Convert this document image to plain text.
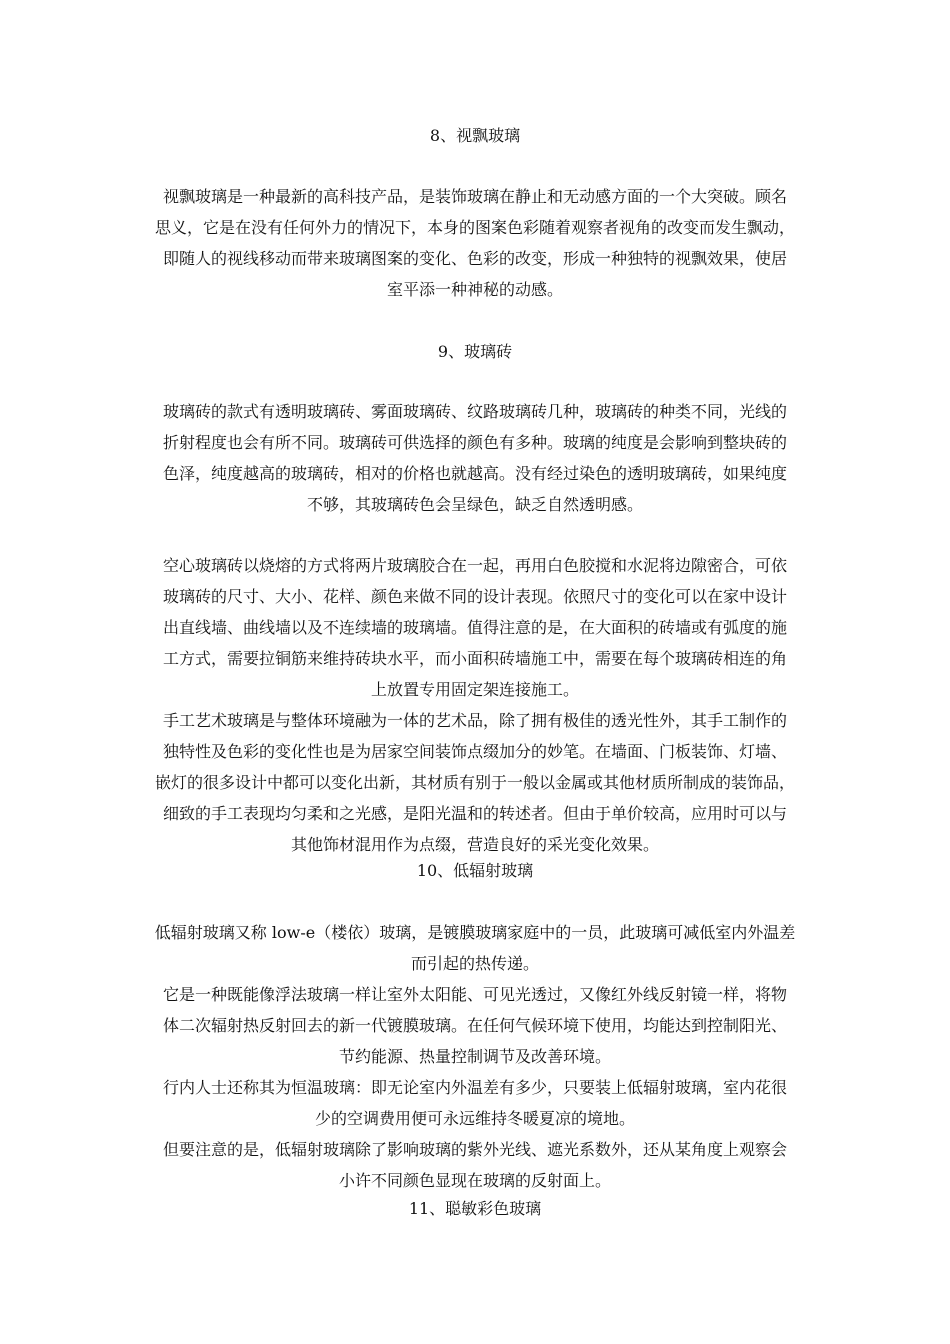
8、视飘玻璃
视飘玻璃是一种最新的高科技产品，是装饰玻璃在静止和无动感方面的一个大突破。顾名
思义，它是在没有任何外力的情况下，本身的图案色彩随着观察者视角的改变而发生飘动，
即随人的视线移动而带来玻璃图案的变化、色彩的改变，形成一种独特的视飘效果，使居
室平添一种神秘的动感。
9、玻璃砖
玻璃砖的款式有透明玻璃砖、雾面玻璃砖、纹路玻璃砖几种，玻璃砖的种类不同，光线的
折射程度也会有所不同。玻璃砖可供选择的颜色有多种。玻璃的纯度是会影响到整块砖的
色泽，纯度越高的玻璃砖，相对的价格也就越高。没有经过染色的透明玻璃砖，如果纯度
不够，其玻璃砖色会呈绿色，缺乏自然透明感。
空心玻璃砖以烧熔的方式将两片玻璃胶合在一起，再用白色胶搅和水泥将边隙密合，可依
玻璃砖的尺寸、大小、花样、颜色来做不同的设计表现。依照尺寸的变化可以在家中设计
出直线墙、曲线墙以及不连续墙的玻璃墙。值得注意的是，在大面积的砖墙或有弧度的施
工方式，需要拉铜筋来维持砖块水平，而小面积砖墙施工中，需要在每个玻璃砖相连的角
上放置专用固定架连接施工。
手工艺术玻璃是与整体环境融为一体的艺术品，除了拥有极佳的透光性外，其手工制作的
独特性及色彩的变化性也是为居家空间装饰点缀加分的妙笔。在墙面、门板装饰、灯墙、
嵌灯的很多设计中都可以变化出新，其材质有别于一般以金属或其他材质所制成的装饰品，
细致的手工表现均匀柔和之光感，是阳光温和的转述者。但由于单价较高，应用时可以与
其他饰材混用作为点缀，营造良好的采光变化效果。
10、低辐射玻璃
低辐射玻璃又称 low-e（楼依）玻璃，是镀膜玻璃家庭中的一员，此玻璃可减低室内外温差
而引起的热传递。
它是一种既能像浮法玻璃一样让室外太阳能、可见光透过，又像红外线反射镜一样，将物
体二次辐射热反射回去的新一代镀膜玻璃。在任何气候环境下使用，均能达到控制阳光、
节约能源、热量控制调节及改善环境。
行内人士还称其为恒温玻璃：即无论室内外温差有多少，只要装上低辐射玻璃，室内花很
少的空调费用便可永远维持冬暖夏凉的境地。
但要注意的是，低辐射玻璃除了影响玻璃的紫外光线、遮光系数外，还从某角度上观察会
小许不同颜色显现在玻璃的反射面上。
11、聪敏彩色玻璃
